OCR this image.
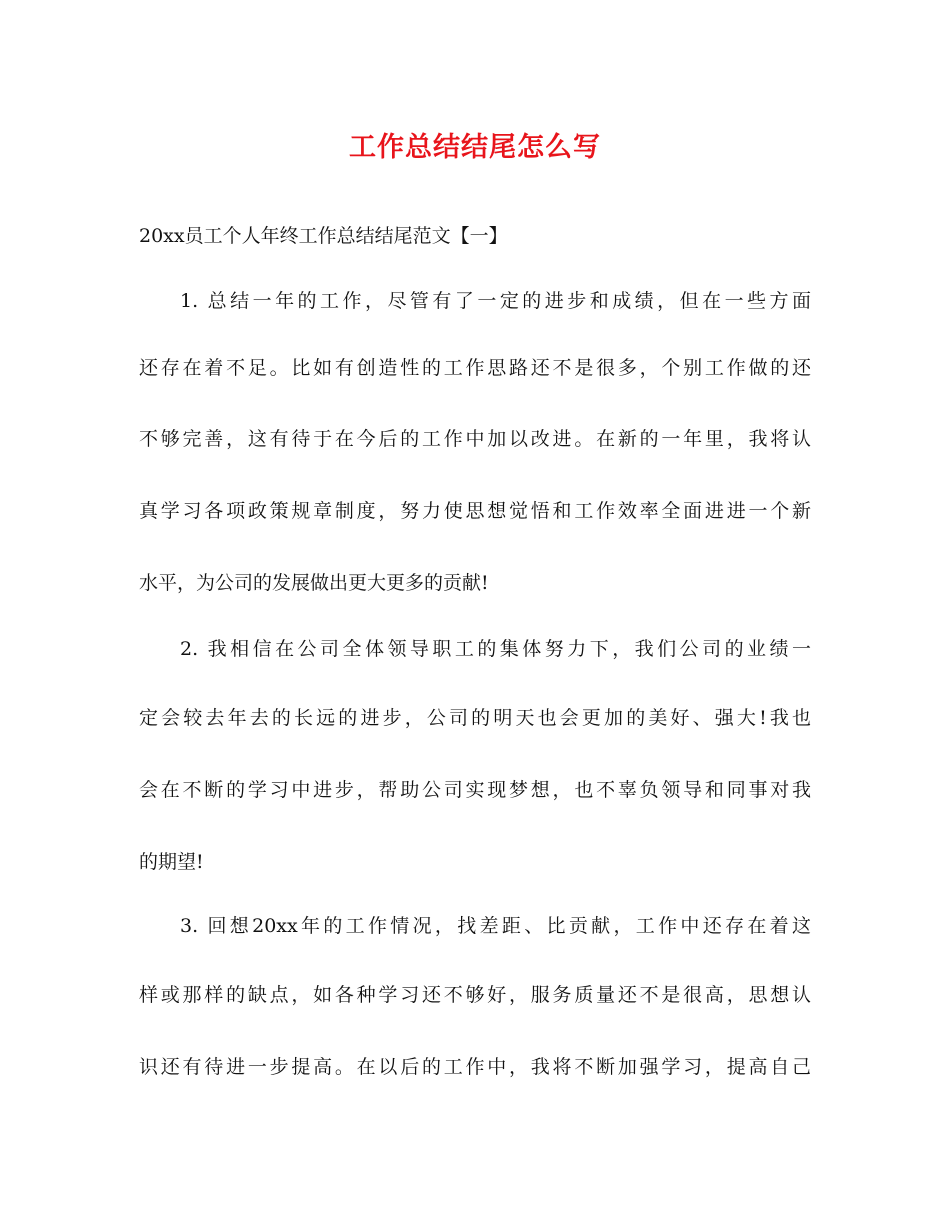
工作总结结尾怎么写
20xx员工个人年终工作总结结尾范文【一】
1. 总结一年的工作，尽管有了一定的进步和成绩，但在一些方面
还存在着不足。比如有创造性的工作思路还不是很多，个别工作做的还
不够完善，这有待于在今后的工作中加以改进。在新的一年里，我将认
真学习各项政策规章制度，努力使思想觉悟和工作效率全面进进一个新
水平，为公司的发展做出更大更多的贡献!
2. 我相信在公司全体领导职工的集体努力下，我们公司的业绩一
定会较去年去的长远的进步，公司的明天也会更加的美好、强大!我也
会在不断的学习中进步，帮助公司实现梦想，也不辜负领导和同事对我
的期望!
3. 回想20xx年的工作情况，找差距、比贡献，工作中还存在着这
样或那样的缺点，如各种学习还不够好，服务质量还不是很高，思想认
识还有待进一步提高。在以后的工作中，我将不断加强学习，提高自己
